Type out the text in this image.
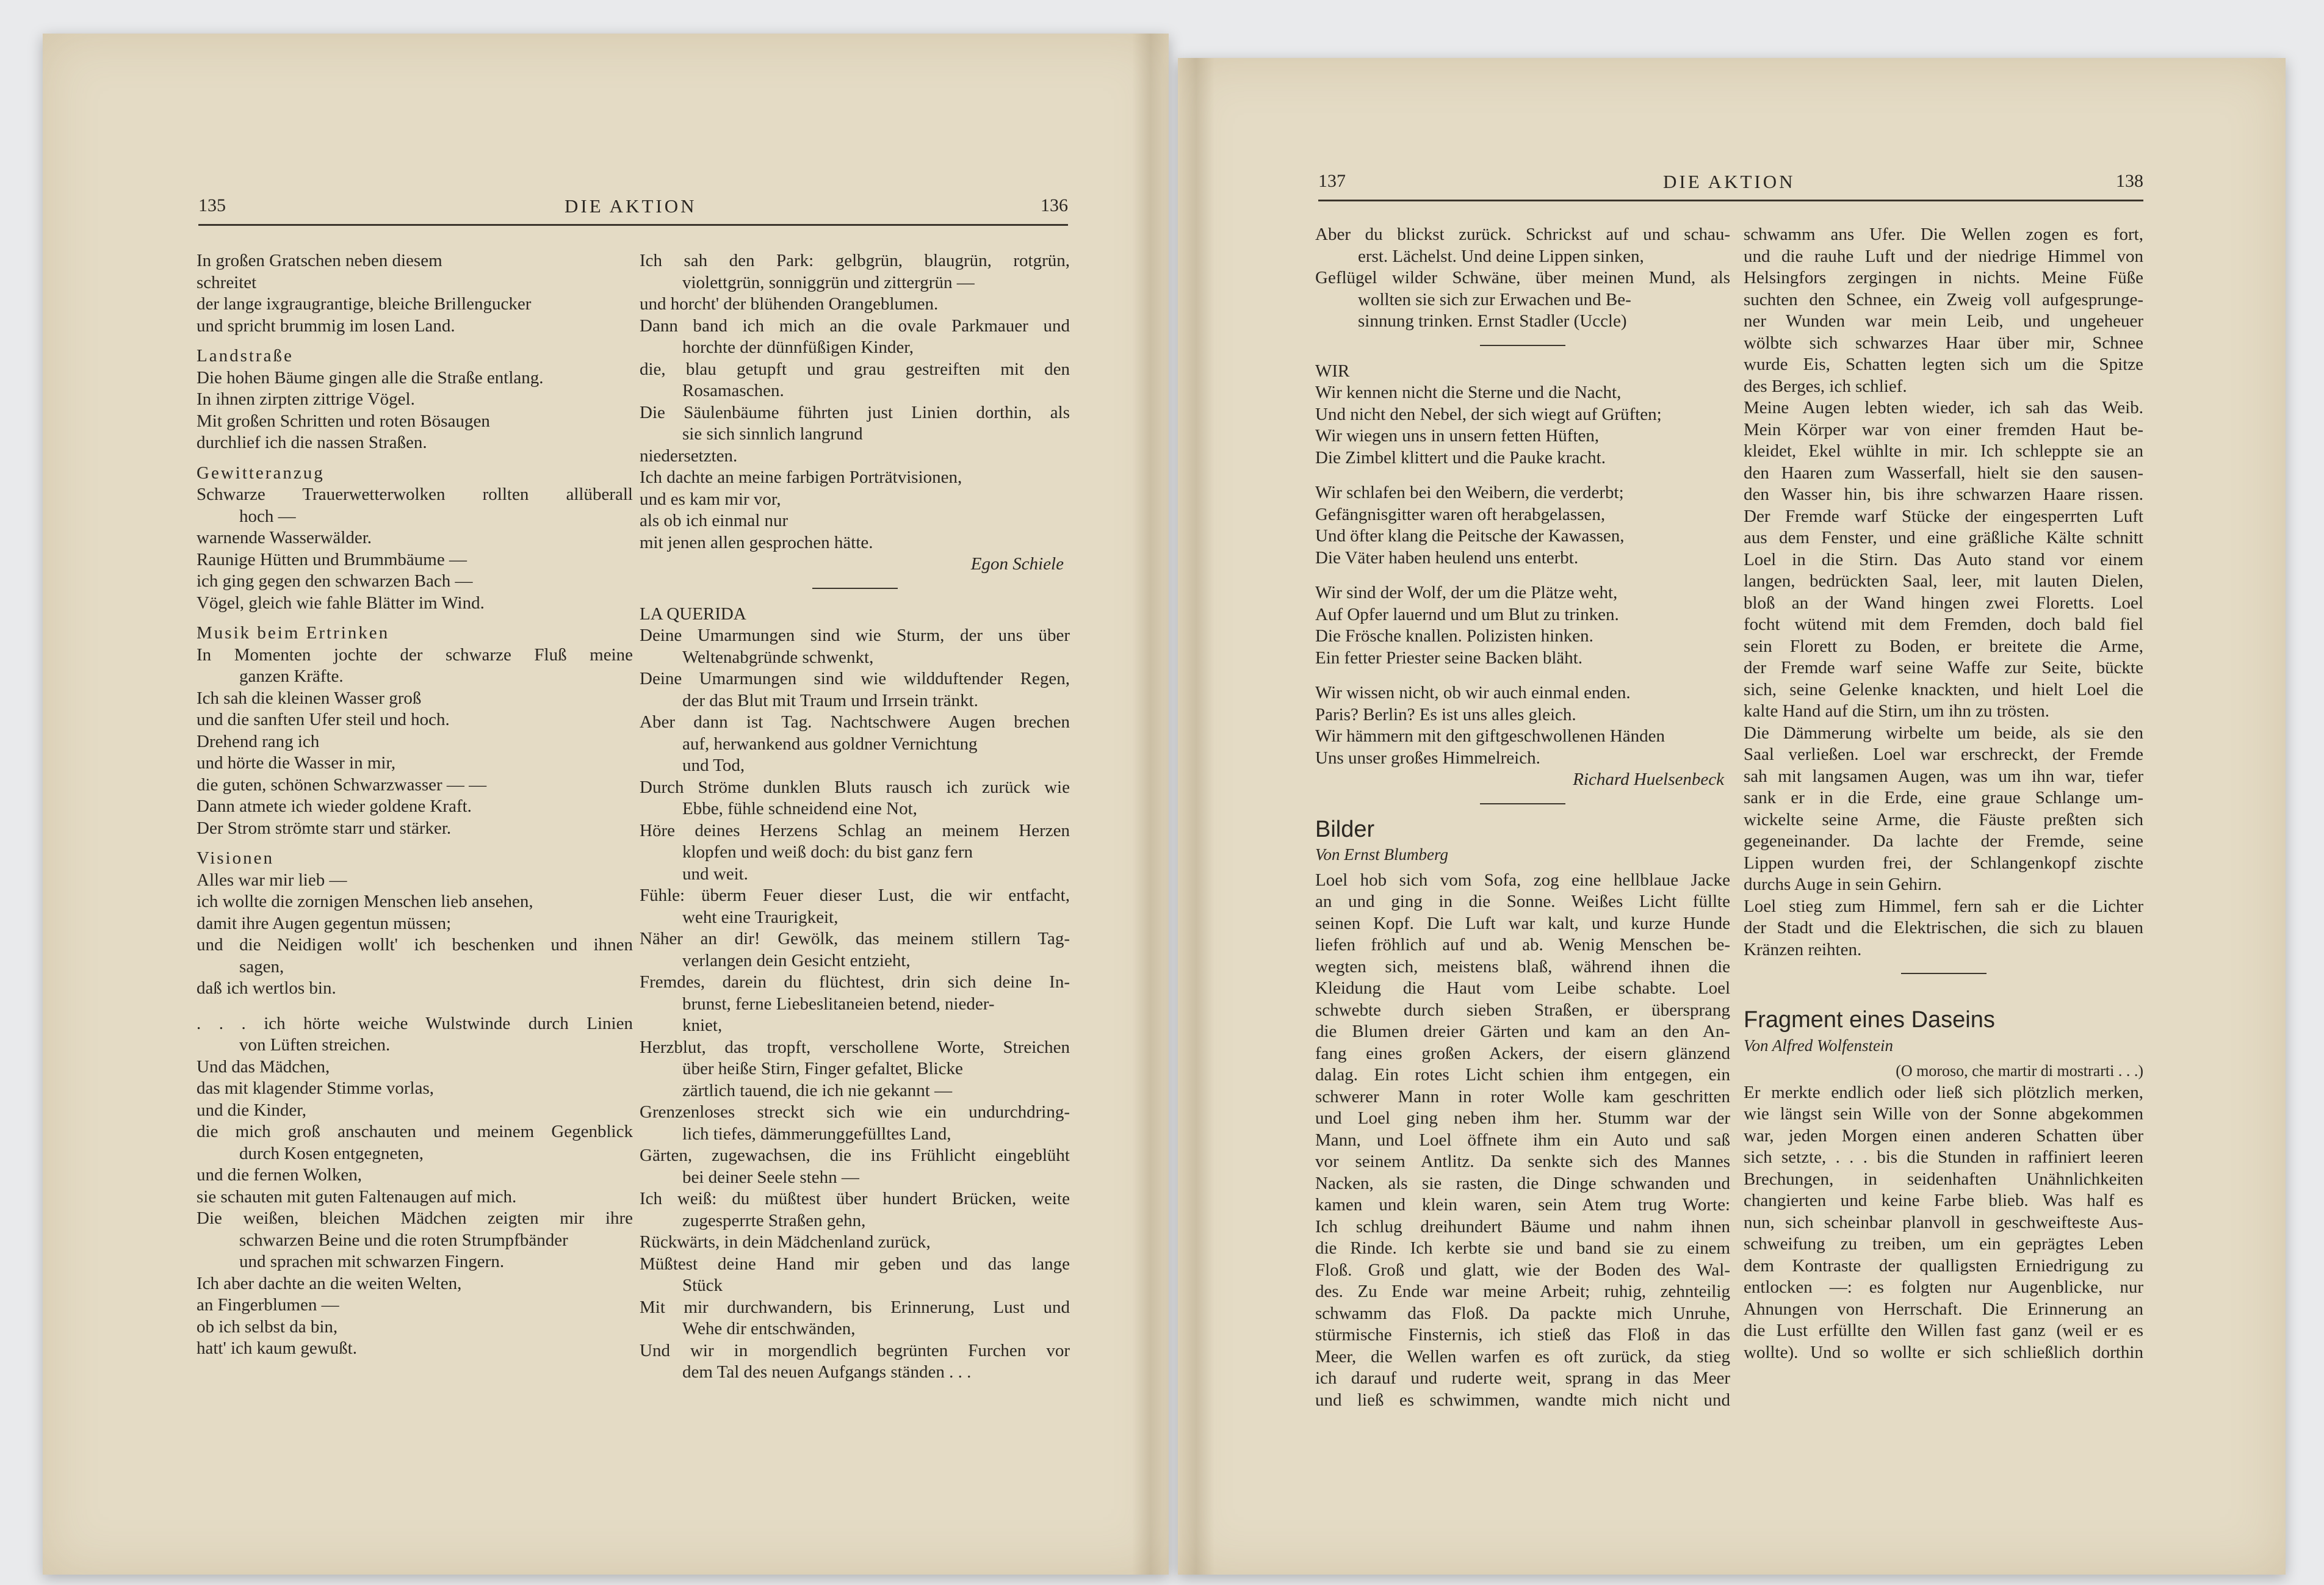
135	DIE AKTION	136
In großen Gratschen neben diesem
schreitet
der lange ixgraugrantige, bleiche Brillengucker
und spricht brummig im losen Land.
Landstraße
Die hohen Bäume gingen alle die Straße entlang.
In ihnen zirpten zittrige Vögel.
Mit großen Schritten und roten Bösaugen
durchlief ich die nassen Straßen.
Gewitteranzug
Schwarze Trauerwetterwolken rollten allüberall
hoch —
warnende Wasserwälder.
Raunige Hütten und Brummbäume —
ich ging gegen den schwarzen Bach —
Vögel, gleich wie fahle Blätter im Wind.
Musik beim Ertrinken
In Momenten jochte der schwarze Fluß meine
ganzen Kräfte.
Ich sah die kleinen Wasser groß
und die sanften Ufer steil und hoch.
Drehend rang ich
und hörte die Wasser in mir,
die guten, schönen Schwarzwasser — —
Dann atmete ich wieder goldene Kraft.
Der Strom strömte starr und stärker.
Visionen
Alles war mir lieb —
ich wollte die zornigen Menschen lieb ansehen,
damit ihre Augen gegentun müssen;
und die Neidigen wollt' ich beschenken und ihnen
sagen,
daß ich wertlos bin.
. . . ich hörte weiche Wulstwinde durch Linien
von Lüften streichen.
Und das Mädchen,
das mit klagender Stimme vorlas,
und die Kinder,
die mich groß anschauten und meinem Gegenblick
durch Kosen entgegneten,
und die fernen Wolken,
sie schauten mit guten Faltenaugen auf mich.
Die weißen, bleichen Mädchen zeigten mir ihre
schwarzen Beine und die roten Strumpfbänder
und sprachen mit schwarzen Fingern.
Ich aber dachte an die weiten Welten,
an Fingerblumen —
ob ich selbst da bin,
hatt' ich kaum gewußt.
Ich sah den Park: gelbgrün, blaugrün, rotgrün,
violettgrün, sonniggrün und zittergrün —
und horcht' der blühenden Orangeblumen.
Dann band ich mich an die ovale Parkmauer und
horchte der dünnfüßigen Kinder,
die, blau getupft und grau gestreiften mit den
Rosamaschen.
Die Säulenbäume führten just Linien dorthin, als
sie sich sinnlich langrund
niedersetzten.
Ich dachte an meine farbigen Porträtvisionen,
und es kam mir vor,
als ob ich einmal nur
mit jenen allen gesprochen hätte.
Egon Schiele
LA QUERIDA
Deine Umarmungen sind wie Sturm, der uns über
Weltenabgründe schwenkt,
Deine Umarmungen sind wie wildduftender Regen,
der das Blut mit Traum und Irrsein tränkt.
Aber dann ist Tag. Nachtschwere Augen brechen
auf, herwankend aus goldner Vernichtung
und Tod,
Durch Ströme dunklen Bluts rausch ich zurück wie
Ebbe, fühle schneidend eine Not,
Höre deines Herzens Schlag an meinem Herzen
klopfen und weiß doch: du bist ganz fern
und weit.
Fühle: überm Feuer dieser Lust, die wir entfacht,
weht eine Traurigkeit,
Näher an dir! Gewölk, das meinem stillern Tag-
verlangen dein Gesicht entzieht,
Fremdes, darein du flüchtest, drin sich deine In-
brunst, ferne Liebeslitaneien betend, nieder-
kniet,
Herzblut, das tropft, verschollene Worte, Streichen
über heiße Stirn, Finger gefaltet, Blicke
zärtlich tauend, die ich nie gekannt —
Grenzenloses streckt sich wie ein undurchdring-
lich tiefes, dämmerunggefülltes Land,
Gärten, zugewachsen, die ins Frühlicht eingeblüht
bei deiner Seele stehn —
Ich weiß: du müßtest über hundert Brücken, weite
zugesperrte Straßen gehn,
Rückwärts, in dein Mädchenland zurück,
Müßtest deine Hand mir geben und das lange
Stück
Mit mir durchwandern, bis Erinnerung, Lust und
Wehe dir entschwänden,
Und wir in morgendlich begrünten Furchen vor
dem Tal des neuen Aufgangs ständen . . .
137	DIE AKTION	138
Aber du blickst zurück. Schrickst auf und schau-
erst. Lächelst. Und deine Lippen sinken,
Geflügel wilder Schwäne, über meinen Mund, als
wollten sie sich zur Erwachen und Be-
sinnung trinken. Ernst Stadler (Uccle)
WIR
Wir kennen nicht die Sterne und die Nacht,
Und nicht den Nebel, der sich wiegt auf Grüften;
Wir wiegen uns in unsern fetten Hüften,
Die Zimbel klittert und die Pauke kracht.
Wir schlafen bei den Weibern, die verderbt;
Gefängnisgitter waren oft herabgelassen,
Und öfter klang die Peitsche der Kawassen,
Die Väter haben heulend uns enterbt.
Wir sind der Wolf, der um die Plätze weht,
Auf Opfer lauernd und um Blut zu trinken.
Die Frösche knallen. Polizisten hinken.
Ein fetter Priester seine Backen bläht.
Wir wissen nicht, ob wir auch einmal enden.
Paris? Berlin? Es ist uns alles gleich.
Wir hämmern mit den giftgeschwollenen Händen
Uns unser großes Himmelreich.
Richard Huelsenbeck
Bilder
Von Ernst Blumberg
Loel hob sich vom Sofa, zog eine hellblaue Jacke
an und ging in die Sonne. Weißes Licht füllte
seinen Kopf. Die Luft war kalt, und kurze Hunde
liefen fröhlich auf und ab. Wenig Menschen be-
wegten sich, meistens blaß, während ihnen die
Kleidung die Haut vom Leibe schabte. Loel
schwebte durch sieben Straßen, er übersprang
die Blumen dreier Gärten und kam an den An-
fang eines großen Ackers, der eisern glänzend
dalag. Ein rotes Licht schien ihm entgegen, ein
schwerer Mann in roter Wolle kam geschritten
und Loel ging neben ihm her. Stumm war der
Mann, und Loel öffnete ihm ein Auto und saß
vor seinem Antlitz. Da senkte sich des Mannes
Nacken, als sie rasten, die Dinge schwanden und
kamen und klein waren, sein Atem trug Worte:
Ich schlug dreihundert Bäume und nahm ihnen
die Rinde. Ich kerbte sie und band sie zu einem
Floß. Groß und glatt, wie der Boden des Wal-
des. Zu Ende war meine Arbeit; ruhig, zehnteilig
schwamm das Floß. Da packte mich Unruhe,
stürmische Finsternis, ich stieß das Floß in das
Meer, die Wellen warfen es oft zurück, da stieg
ich darauf und ruderte weit, sprang in das Meer
und ließ es schwimmen, wandte mich nicht und
schwamm ans Ufer. Die Wellen zogen es fort,
und die rauhe Luft und der niedrige Himmel von
Helsingfors zergingen in nichts. Meine Füße
suchten den Schnee, ein Zweig voll aufgesprunge-
ner Wunden war mein Leib, und ungeheuer
wölbte sich schwarzes Haar über mir, Schnee
wurde Eis, Schatten legten sich um die Spitze
des Berges, ich schlief.
Meine Augen lebten wieder, ich sah das Weib.
Mein Körper war von einer fremden Haut be-
kleidet, Ekel wühlte in mir. Ich schleppte sie an
den Haaren zum Wasserfall, hielt sie den sausen-
den Wasser hin, bis ihre schwarzen Haare rissen.
Der Fremde warf Stücke der eingesperrten Luft
aus dem Fenster, und eine gräßliche Kälte schnitt
Loel in die Stirn. Das Auto stand vor einem
langen, bedrückten Saal, leer, mit lauten Dielen,
bloß an der Wand hingen zwei Floretts. Loel
focht wütend mit dem Fremden, doch bald fiel
sein Florett zu Boden, er breitete die Arme,
der Fremde warf seine Waffe zur Seite, bückte
sich, seine Gelenke knackten, und hielt Loel die
kalte Hand auf die Stirn, um ihn zu trösten.
Die Dämmerung wirbelte um beide, als sie den
Saal verließen. Loel war erschreckt, der Fremde
sah mit langsamen Augen, was um ihn war, tiefer
sank er in die Erde, eine graue Schlange um-
wickelte seine Arme, die Fäuste preßten sich
gegeneinander. Da lachte der Fremde, seine
Lippen wurden frei, der Schlangenkopf zischte
durchs Auge in sein Gehirn.
Loel stieg zum Himmel, fern sah er die Lichter
der Stadt und die Elektrischen, die sich zu blauen
Kränzen reihten.
Fragment eines Daseins
Von Alfred Wolfenstein
(O moroso, che martir di mostrarti . . .)
Er merkte endlich oder ließ sich plötzlich merken,
wie längst sein Wille von der Sonne abgekommen
war, jeden Morgen einen anderen Schatten über
sich setzte, . . . bis die Stunden in raffiniert leeren
Brechungen, in seidenhaften Unähnlichkeiten
changierten und keine Farbe blieb. Was half es
nun, sich scheinbar planvoll in geschweifteste Aus-
schweifung zu treiben, um ein geprägtes Leben
dem Kontraste der qualligsten Erniedrigung zu
entlocken —: es folgten nur Augenblicke, nur
Ahnungen von Herrschaft. Die Erinnerung an
die Lust erfüllte den Willen fast ganz (weil er es
wollte). Und so wollte er sich schließlich dorthin
